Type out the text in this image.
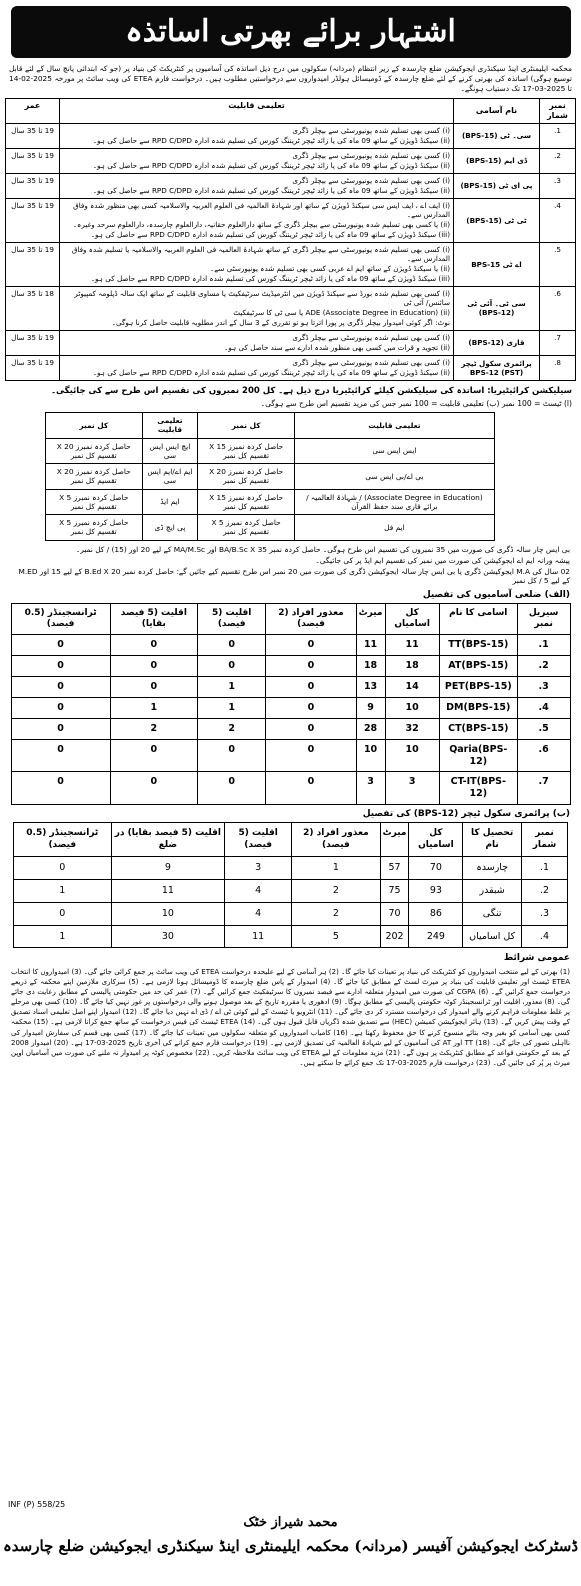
اشتہار برائے بھرتی اساتذہ
محکمہ ایلیمنٹری اینڈ سیکنڈری ایجوکیشن ضلع چارسدہ کے زیر انتظام (مردانہ) سکولوں میں درج ذیل اساتذہ کی آسامیوں پر کنٹریکٹ کی بنیاد پر (جو کہ ابتدائی پانچ سال کے لئے قابل توسیع ہوگی) اساتذہ کی بھرتی کرنے کے لئے ضلع چارسدہ کے ڈومیسائل ہولڈر امیدواروں سے درخواستیں مطلوب ہیں۔ درخواست فارم ETEA کی ویب سائٹ پر مورخہ 2025-02-14 تا 2025-03-17 تک دستیاب ہونگے۔
نمبر شمار	نام آسامی	تعلیمی قابلیت	عمر
1.	سی۔ ٹی (BPS-15)	(i) کسی بھی تسلیم شدہ یونیورسٹی سے بیچلر ڈگری

(ii) سیکنڈ ڈویژن کے ساتھ 09 ماہ کی یا زائد ٹیچر ٹریننگ کورس کی تسلیم شدہ ادارہ RPD C/DPD سے حاصل کی ہو۔	19 تا 35 سال
2.	ڈی ایم (BPS-15)	(i) کسی بھی تسلیم شدہ یونیورسٹی سے بیچلر ڈگری

(ii) سیکنڈ ڈویژن کے ساتھ 09 ماہ کی یا زائد ٹیچر ٹریننگ کورس کی تسلیم شدہ ادارہ RPD C/DPD سے حاصل کی ہو۔	19 تا 35 سال
3.	پی ای ٹی (BPS-15)	(i) کسی بھی تسلیم شدہ یونیورسٹی سے بیچلر ڈگری

(ii) سیکنڈ ڈویژن کے ساتھ 09 ماہ کی یا زائد ٹیچر ٹریننگ کورس کی تسلیم شدہ ادارہ RPD C/DPD سے حاصل کی ہو۔	19 تا 35 سال
4.	ٹی ٹی (BPS-15)	(i) ایف اے ، ایف ایس سی سیکنڈ ڈویژن کے ساتھ اور شہادۃ العالمیہ فی العلوم العربیہ والاسلامیہ کسی بھی منظور شدہ وفاق المدارس سے۔

(ii) یا کسی بھی تسلیم شدہ یونیورسٹی سے بیچلر ڈگری کے ساتھ دارالعلوم حقانیہ، دارالعلوم چارسدہ، دارالعلوم سرحد وغیرہ۔

(iii) سیکنڈ ڈویژن کے ساتھ 09 ماہ کی یا زائد ٹیچر ٹریننگ کورس کی تسلیم شدہ ادارہ RPD C/DPD سے حاصل کی ہو۔	19 تا 35 سال
5.	اے ٹی BPS-15	(i) کسی بھی تسلیم شدہ یونیورسٹی سے بیچلر ڈگری کے ساتھ شہادۃ العالمیہ فی العلوم العربیہ والاسلامیہ یا تسلیم شدہ وفاق المدارس سے۔

(ii) یا سیکنڈ ڈویژن کے ساتھ ایم اے عربی کسی بھی تسلیم شدہ یونیورسٹی سے۔

(iii) سیکنڈ ڈویژن کے ساتھ 09 ماہ کی یا زائد ٹیچر ٹریننگ کورس کی تسلیم شدہ ادارہ RPD C/DPD سے حاصل کی ہو۔	19 تا 35 سال
6.	سی ٹی۔ آئی ٹی (BPS-12)	(i) کسی بھی تسلیم شدہ بورڈ سے سیکنڈ ڈویژن میں انٹرمیڈیٹ سرٹیفکیٹ یا مساوی قابلیت کے ساتھ ایک سالہ ڈپلومہ کمپیوٹر سائنس/ آئی ٹی

(ii) (Associate Degree in Education) ADE یا سی ٹی کا سرٹیفکیٹ

نوٹ: اگر کوئی امیدوار بیچلر ڈگری پر پورا اترتا ہو تو تقرری کے 3 سال کے اندر مطلوبہ قابلیت حاصل کرنا ہوگی۔	18 تا 35 سال
7.	قاری (BPS-12)	(i) کسی بھی تسلیم شدہ یونیورسٹی سے بیچلر ڈگری

(ii) تجوید و قرات میں کسی بھی منظور شدہ ادارے سے سند حاصل کی ہو۔	19 تا 35 سال
8.	پرائمری سکول ٹیچر BPS-12 (PST)	(i) کسی بھی تسلیم شدہ یونیورسٹی سے بیچلر ڈگری

(ii) سیکنڈ ڈویژن کے ساتھ 09 ماہ کی یا زائد ٹیچر ٹریننگ کورس کی تسلیم شدہ ادارہ RPD C/DPD سے حاصل کی ہو۔	19 تا 35 سال
سیلیکشن کرائیٹیریا: اساتذہ کی سیلیکشن کیلئے کرائیٹیریا درج ذیل ہے۔ کل 200 نمبروں کی تقسیم اس طرح سے کی جائیگی۔
(ا) ٹیسٹ = 100 نمبر (ب) تعلیمی قابلیت = 100 نمبر جس کی مزید تقسیم اس طرح سے ہوگی۔
تعلیمی قابلیت	کل نمبر	تعلیمی قابلیت	کل نمبر
ایس ایس سی	حاصل کردہ نمبرز X 15 تقسیم کل نمبر	ایچ ایس ایس سی	حاصل کردہ نمبرز X 20 تقسیم کل نمبر
بی اے/بی ایس سی	حاصل کردہ نمبرز X 20 تقسیم کل نمبر	ایم اے/ایم ایس سی	حاصل کردہ نمبرز X 20 تقسیم کل نمبر
(Associate Degree in Education) / شہادۃ العالمیہ / برائے قاری سند حفظ القرآن	حاصل کردہ نمبرز X 15 تقسیم کل نمبر	ایم ایڈ	حاصل کردہ نمبرز X 5 تقسیم کل نمبر
ایم فل	حاصل کردہ نمبرز X 5 تقسیم کل نمبر	پی ایچ ڈی	حاصل کردہ نمبرز X 5 تقسیم کل نمبر
بی ایس چار سالہ ڈگری کی صورت میں 35 نمبروں کی تقسیم اس طرح ہوگی۔ حاصل کردہ نمبر BA/B.Sc X 35 اور MA/M.Sc کے لیے 20 اور (15) / کل نمبر۔
پیشہ ورانہ ایم اے ایجوکیشن کی صورت میں نمبر کی تقسیم ایم ایڈ پر کی جائیگی۔
02 سال کی M.A ایجوکیشن ڈگری یا بی ایس چار سالہ ایجوکیشن ڈگری کی صورت میں 20 نمبر اس طرح تقسیم کیے جائیں گے: حاصل کردہ نمبر B.Ed X 20 کے لیے 15 اور M.ED کے لیے 5 / کل نمبر
(الف) ضلعی آسامیوں کی تفصیل
سیریل نمبر	اسامی کا نام	کل اسامیاں	میرٹ	معذور افراد (2 فیصد)	اقلیت (5 فیصد)	اقلیت (5 فیصد بقایا)	ٹرانسجینڈر (0.5 فیصد)
1.	TT(BPS-15)	11	11	0	0	0	0
2.	AT(BPS-15)	18	18	0	0	0	0
3.	PET(BPS-15)	14	13	0	1	0	0
4.	DM(BPS-15)	10	9	0	1	1	0
5.	CT(BPS-15)	32	28	0	2	2	0
6.	Qaria(BPS-12)	10	10	0	0	0	0
7.	CT-IT(BPS-12)	3	3	0	0	0	0
(ب) پرائمری سکول ٹیچر (BPS-12) کی تفصیل
نمبر شمار	تحصیل کا نام	کل اسامیاں	میرٹ	معذور افراد (2 فیصد)	اقلیت (5 فیصد)	اقلیت (5 فیصد بقایا) در ضلع	ٹرانسجینڈر (0.5 فیصد)
1.	چارسدہ	70	57	1	3	9	0
2.	شبقدر	93	75	2	4	11	1
3.	تنگی	86	70	2	4	10	0
4.	کل اسامیاں	249	202	5	11	30	1
عمومی شرائط
(1) بھرتی کے لیے منتخب امیدواروں کو کنٹریکٹ کی بنیاد پر تعینات کیا جائے گا۔ (2) ہر آسامی کے لیے علیحدہ درخواست ETEA کی ویب سائٹ پر جمع کرائی جائے گی۔ (3) امیدواروں کا انتخاب ETEA ٹیسٹ اور تعلیمی قابلیت کی بنیاد پر میرٹ لسٹ کے مطابق کیا جائے گا۔ (4) امیدوار کے پاس ضلع چارسدہ کا ڈومیسائل ہونا لازمی ہے۔ (5) سرکاری ملازمین اپنے محکمہ کے ذریعے درخواست جمع کرائیں گے۔ (6) CGPA کی صورت میں امیدوار متعلقہ ادارے سے فیصد نمبروں کا سرٹیفکیٹ جمع کرائیں گے۔ (7) عمر کی حد میں حکومتی پالیسی کے مطابق رعایت دی جائے گی۔ (8) معذور، اقلیت اور ٹرانسجینڈر کوٹہ حکومتی پالیسی کے مطابق ہوگا۔ (9) ادھوری یا مقررہ تاریخ کے بعد موصول ہونے والی درخواستوں پر غور نہیں کیا جائے گا۔ (10) کسی بھی مرحلے پر غلط معلومات فراہم کرنے والے امیدوار کی درخواست مسترد کر دی جائے گی۔ (11) انٹرویو یا ٹیسٹ کے لیے کوئی ٹی اے / ڈی اے نہیں دیا جائے گا۔ (12) امیدوار اپنے اصل تعلیمی اسناد تصدیق کے وقت پیش کریں گے۔ (13) ہائر ایجوکیشن کمیشن (HEC) سے تصدیق شدہ ڈگریاں قابل قبول ہوں گی۔ (14) ETEA ٹیسٹ کی فیس درخواست کے ساتھ جمع کرانا لازمی ہے۔ (15) محکمہ کسی بھی آسامی کو بغیر وجہ بتائے منسوخ کرنے کا حق محفوظ رکھتا ہے۔ (16) کامیاب امیدواروں کو متعلقہ سکولوں میں تعینات کیا جائے گا۔ (17) کسی بھی قسم کی سفارش امیدوار کی نااہلی تصور کی جائے گی۔ (18) TT اور AT کی آسامیوں کے لیے شہادۃ العالمیہ کی تصدیق لازمی ہے۔ (19) درخواست فارم جمع کرانے کی آخری تاریخ 2025-03-17 ہے۔ (20) امیدوار 2008 کے بعد کے حکومتی قواعد کے مطابق کنٹریکٹ پر ہوں گے۔ (21) مزید معلومات کے لیے ETEA کی ویب سائٹ ملاحظہ کریں۔ (22) مخصوص کوٹہ پر امیدوار نہ ملنے کی صورت میں آسامیاں اوپن میرٹ پر پُر کی جائیں گی۔ (23) درخواست فارم 2025-03-17 تک جمع کرائے جا سکتے ہیں۔
INF (P) 558/25
محمد شیراز خٹک
ڈسٹرکٹ ایجوکیشن آفیسر (مردانہ) محکمہ ایلیمنٹری اینڈ سیکنڈری ایجوکیشن ضلع چارسدہ
